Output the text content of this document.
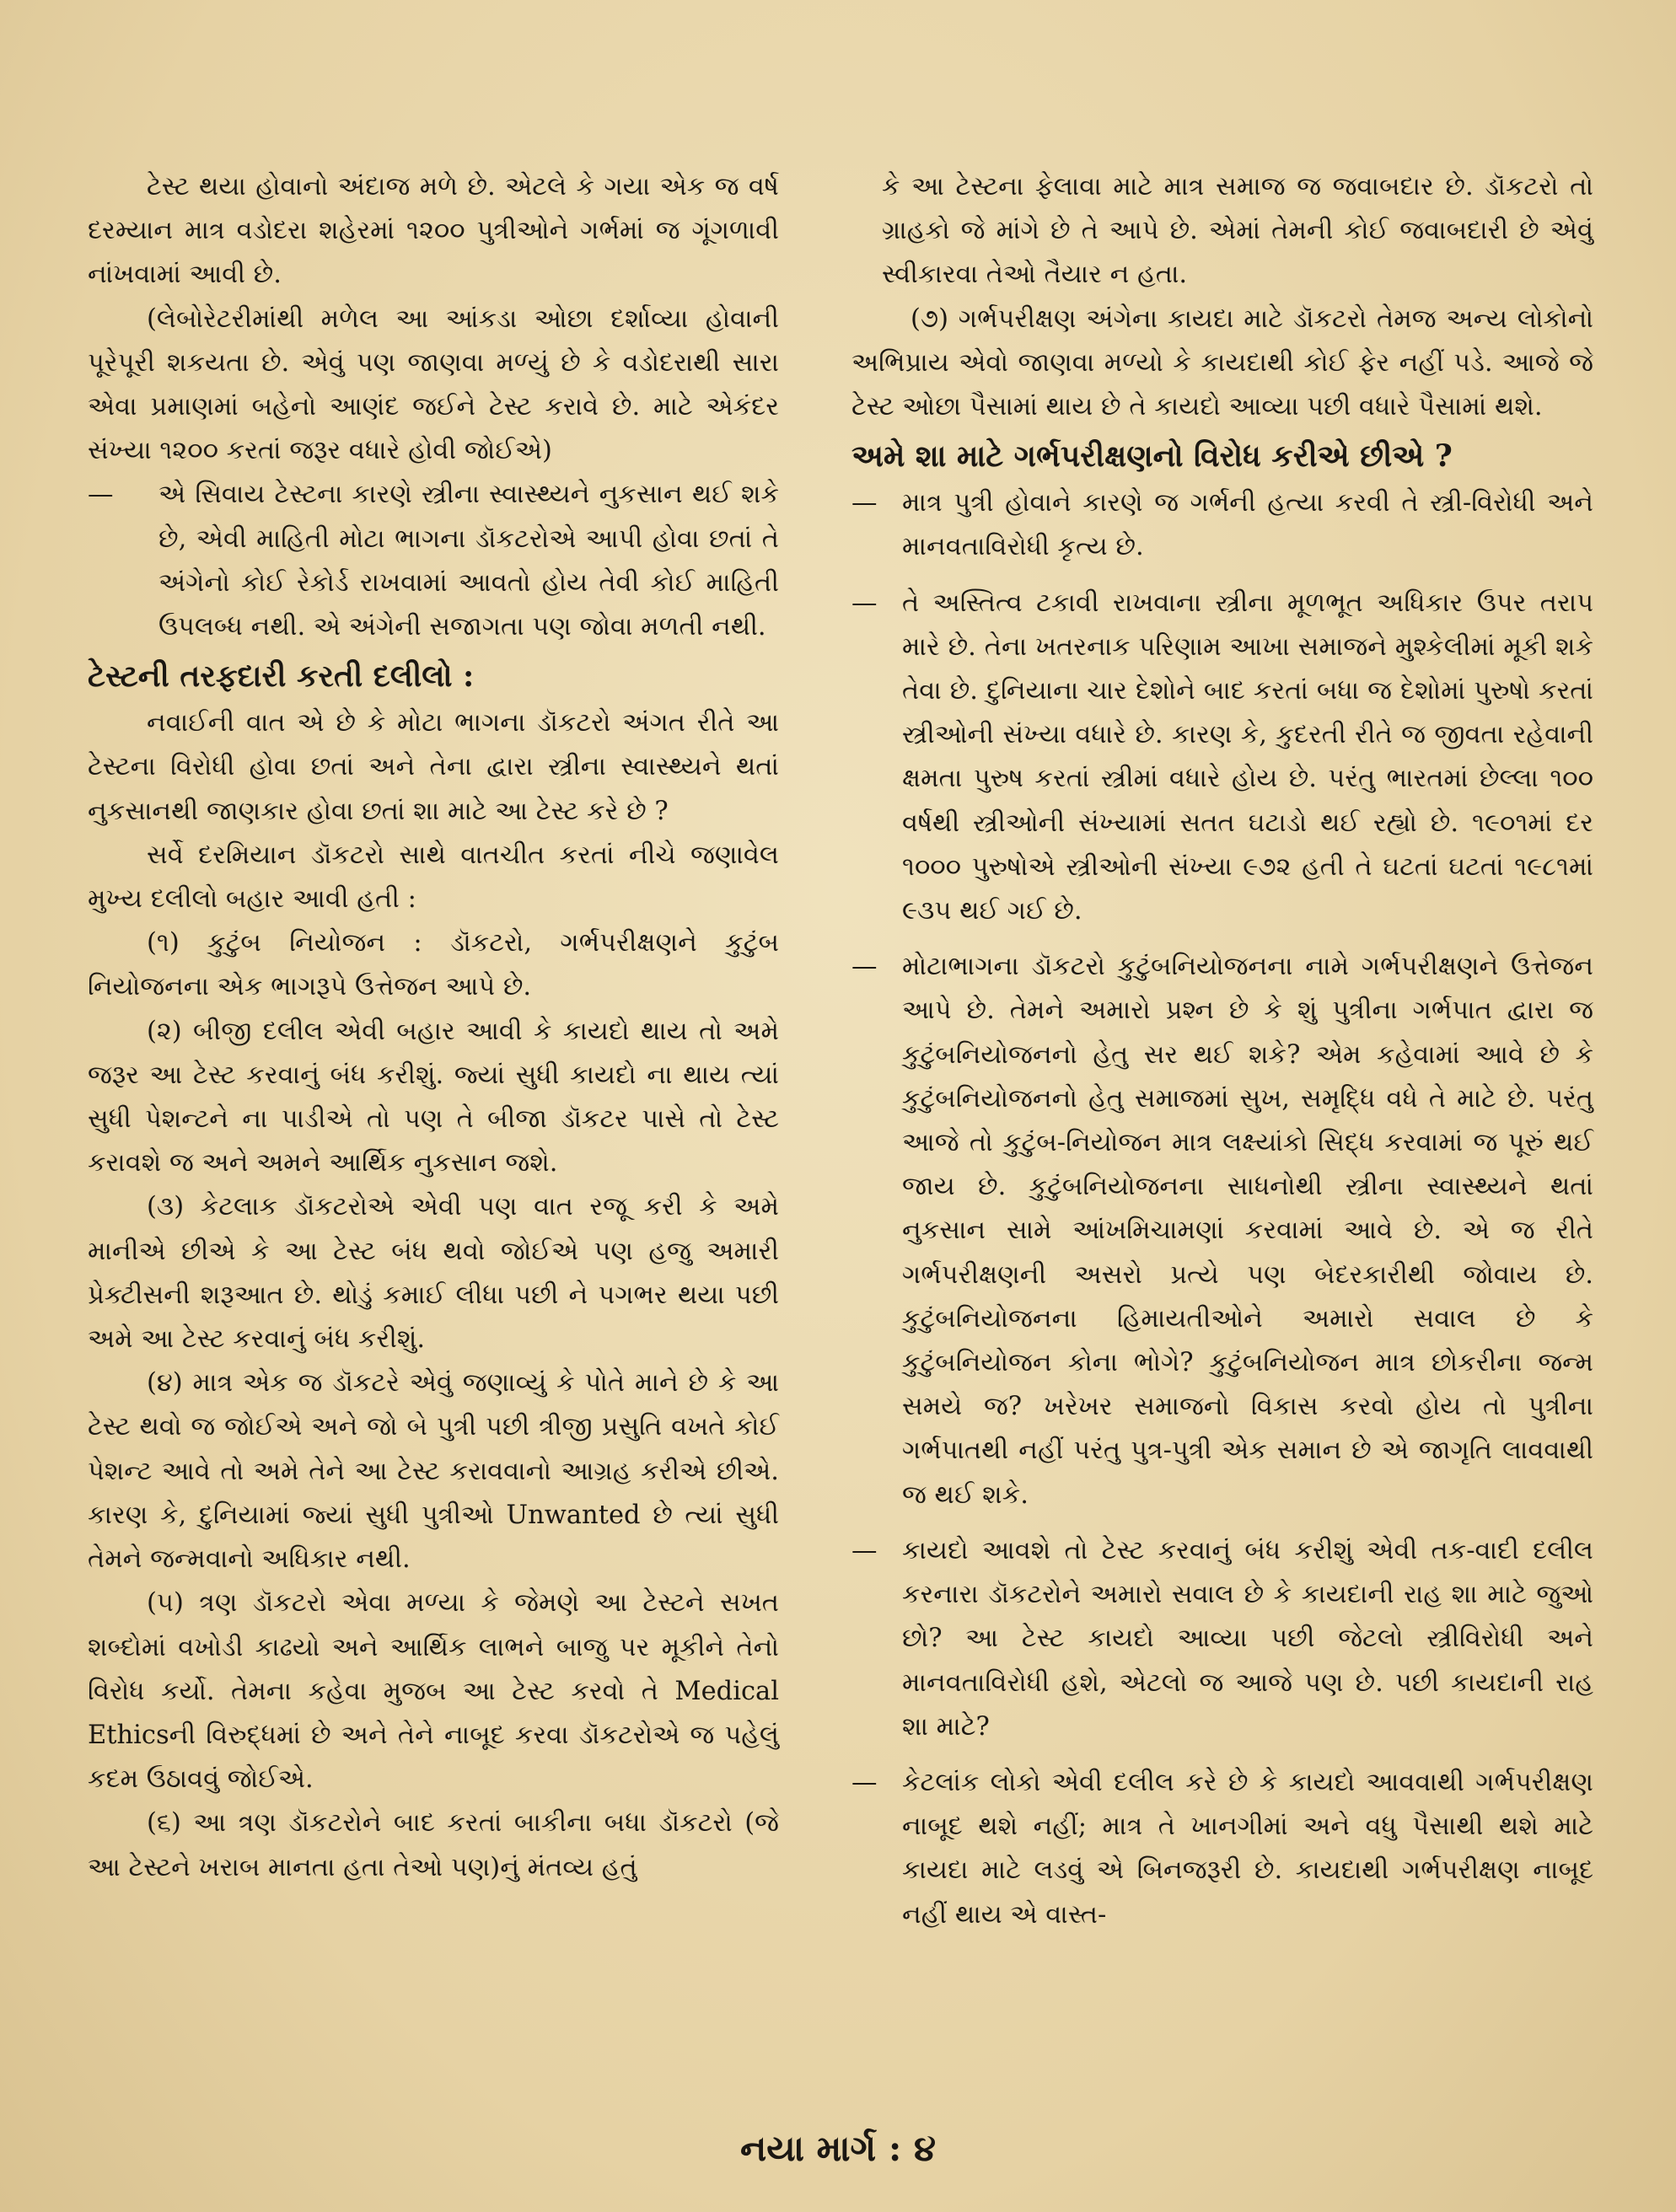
ટેસ્ટ થયા હોવાનો અંદાજ મળે છે. એટલે કે ગયા એક જ વર્ષ દરમ્યાન માત્ર વડોદરા શહેરમાં ૧૨૦૦ પુત્રીઓને ગર્ભમાં જ ગૂંગળાવી નાંખવામાં આવી છે.

(લેબોરેટરીમાંથી મળેલ આ આંકડા ઓછા દર્શાવ્યા હોવાની પૂરેપૂરી શકયતા છે. એવું પણ જાણવા મળ્યું છે કે વડોદરાથી સારા એવા પ્રમાણમાં બહેનો આણંદ જઈને ટેસ્ટ કરાવે છે. માટે એકંદર સંખ્યા ૧૨૦૦ કરતાં જરૂર વધારે હોવી જોઈએ)

—	એ સિવાય ટેસ્ટના કારણે સ્ત્રીના સ્વાસ્થ્યને નુકસાન થઈ શકે છે, એવી માહિતી મોટા ભાગના ડૉકટરોએ આપી હોવા છતાં તે અંગેનો કોઈ રેકોર્ડ રાખવામાં આવતો હોય તેવી કોઈ માહિતી ઉપલબ્ધ નથી. એ અંગેની સજાગતા પણ જોવા મળતી નથી.

ટેસ્ટની તરફદારી કરતી દલીલો :

નવાઈની વાત એ છે કે મોટા ભાગના ડૉકટરો અંગત રીતે આ ટેસ્ટના વિરોધી હોવા છતાં અને તેના દ્વારા સ્ત્રીના સ્વાસ્થ્યને થતાં નુકસાનથી જાણકાર હોવા છતાં શા માટે આ ટેસ્ટ કરે છે ?

સર્વે દરમિયાન ડૉકટરો સાથે વાતચીત કરતાં નીચે જણાવેલ મુખ્ય દલીલો બહાર આવી હતી :

(૧) કુટુંબ નિયોજન : ડૉકટરો, ગર્ભપરીક્ષણને કુટુંબ નિયોજનના એક ભાગરૂપે ઉત્તેજન આપે છે.

(૨) બીજી દલીલ એવી બહાર આવી કે કાયદો થાય તો અમે જરૂર આ ટેસ્ટ કરવાનું બંધ કરીશું. જ્યાં સુધી કાયદો ના થાય ત્યાં સુધી પેશન્ટને ના પાડીએ તો પણ તે બીજા ડૉકટર પાસે તો ટેસ્ટ કરાવશે જ અને અમને આર્થિક નુકસાન જશે.

(૩) કેટલાક ડૉકટરોએ એવી પણ વાત રજૂ કરી કે અમે માનીએ છીએ કે આ ટેસ્ટ બંધ થવો જોઈએ પણ હજુ અમારી પ્રેક્ટીસની શરૂઆત છે. થોડું કમાઈ લીધા પછી ને પગભર થયા પછી અમે આ ટેસ્ટ કરવાનું બંધ કરીશું.

(૪) માત્ર એક જ ડૉકટરે એવું જણાવ્યું કે પોતે માને છે કે આ ટેસ્ટ થવો જ જોઈએ અને જો બે પુત્રી પછી ત્રીજી પ્રસુતિ વખતે કોઈ પેશન્ટ આવે તો અમે તેને આ ટેસ્ટ કરાવવાનો આગ્રહ કરીએ છીએ. કારણ કે, દુનિયામાં જ્યાં સુધી પુત્રીઓ Unwanted છે ત્યાં સુધી તેમને જન્મવાનો અધિકાર નથી.

(૫) ત્રણ ડૉકટરો એવા મળ્યા કે જેમણે આ ટેસ્ટને સખત શબ્દોમાં વખોડી કાઢયો અને આર્થિક લાભને બાજુ પર મૂકીને તેનો વિરોધ કર્યો. તેમના કહેવા મુજબ આ ટેસ્ટ કરવો તે Medical Ethicsની વિરુદ્ધમાં છે અને તેને નાબૂદ કરવા ડૉકટરોએ જ પહેલું કદમ ઉઠાવવું જોઈએ.

(૬) આ ત્રણ ડૉકટરોને બાદ કરતાં બાકીના બધા ડૉકટરો (જે આ ટેસ્ટને ખરાબ માનતા હતા તેઓ પણ)નું મંતવ્ય હતું

કે આ ટેસ્ટના ફેલાવા માટે માત્ર સમાજ જ જવાબદાર છે. ડૉકટરો તો ગ્રાહકો જે માંગે છે તે આપે છે. એમાં તેમની કોઈ જવાબદારી છે એવું સ્વીકારવા તેઓ તૈયાર ન હતા.

(૭) ગર્ભપરીક્ષણ અંગેના કાયદા માટે ડૉકટરો તેમજ અન્ય લોકોનો અભિપ્રાય એવો જાણવા મળ્યો કે કાયદાથી કોઈ ફેર નહીં પડે. આજે જે ટેસ્ટ ઓછા પૈસામાં થાય છે તે કાયદો આવ્યા પછી વધારે પૈસામાં થશે.

અમે શા માટે ગર્ભપરીક્ષણનો વિરોધ કરીએ છીએ ?

— માત્ર પુત્રી હોવાને કારણે જ ગર્ભની હત્યા કરવી તે સ્ત્રી-વિરોધી અને માનવતાવિરોધી કૃત્ય છે.
— તે અસ્તિત્વ ટકાવી રાખવાના સ્ત્રીના મૂળભૂત અધિકાર ઉપર તરાપ મારે છે. તેના ખતરનાક પરિણામ આખા સમાજને મુશ્કેલીમાં મૂકી શકે તેવા છે. દુનિયાના ચાર દેશોને બાદ કરતાં બધા જ દેશોમાં પુરુષો કરતાં સ્ત્રીઓની સંખ્યા વધારે છે. કારણ કે, કુદરતી રીતે જ જીવતા રહેવાની ક્ષમતા પુરુષ કરતાં સ્ત્રીમાં વધારે હોય છે. પરંતુ ભારતમાં છેલ્લા ૧૦૦ વર્ષથી સ્ત્રીઓની સંખ્યામાં સતત ઘટાડો થઈ રહ્યો છે. ૧૯૦૧માં દર ૧૦૦૦ પુરુષોએ સ્ત્રીઓની સંખ્યા ૯૭૨ હતી તે ઘટતાં ઘટતાં ૧૯૮૧માં ૯૩૫ થઈ ગઈ છે.
— મોટાભાગના ડૉકટરો કુટુંબનિયોજનના નામે ગર્ભપરીક્ષણને ઉત્તેજન આપે છે. તેમને અમારો પ્રશ્ન છે કે શું પુત્રીના ગર્ભપાત દ્વારા જ કુટુંબનિયોજનનો હેતુ સર થઈ શકે? એમ કહેવામાં આવે છે કે કુટુંબનિયોજનનો હેતુ સમાજમાં સુખ, સમૃદ્ધિ વધે તે માટે છે. પરંતુ આજે તો કુટુંબ-નિયોજન માત્ર લક્ષ્યાંકો સિદ્ધ કરવામાં જ પૂરું થઈ જાય છે. કુટુંબનિયોજનના સાધનોથી સ્ત્રીના સ્વાસ્થ્યને થતાં નુકસાન સામે આંખમિચામણાં કરવામાં આવે છે. એ જ રીતે ગર્ભપરીક્ષણની અસરો પ્રત્યે પણ બેદરકારીથી જોવાય છે. કુટુંબનિયોજનના હિમાયતીઓને અમારો સવાલ છે કે કુટુંબનિયોજન કોના ભોગે? કુટુંબનિયોજન માત્ર છોકરીના જન્મ સમયે જ? ખરેખર સમાજનો વિકાસ કરવો હોય તો પુત્રીના ગર્ભપાતથી નહીં પરંતુ પુત્ર-પુત્રી એક સમાન છે એ જાગૃતિ લાવવાથી જ થઈ શકે.
— કાયદો આવશે તો ટેસ્ટ કરવાનું બંધ કરીશું એવી તક-વાદી દલીલ કરનારા ડૉકટરોને અમારો સવાલ છે કે કાયદાની રાહ શા માટે જુઓ છો? આ ટેસ્ટ કાયદો આવ્યા પછી જેટલો સ્ત્રીવિરોધી અને માનવતાવિરોધી હશે, એટલો જ આજે પણ છે. પછી કાયદાની રાહ શા માટે?
— કેટલાંક લોકો એવી દલીલ કરે છે કે કાયદો આવવાથી ગર્ભપરીક્ષણ નાબૂદ થશે નહીં; માત્ર તે ખાનગીમાં અને વધુ પૈસાથી થશે માટે કાયદા માટે લડવું એ બિનજરૂરી છે. કાયદાથી ગર્ભપરીક્ષણ નાબૂદ નહીં થાય એ વાસ્ત-
નયા માર્ગ : ૪
